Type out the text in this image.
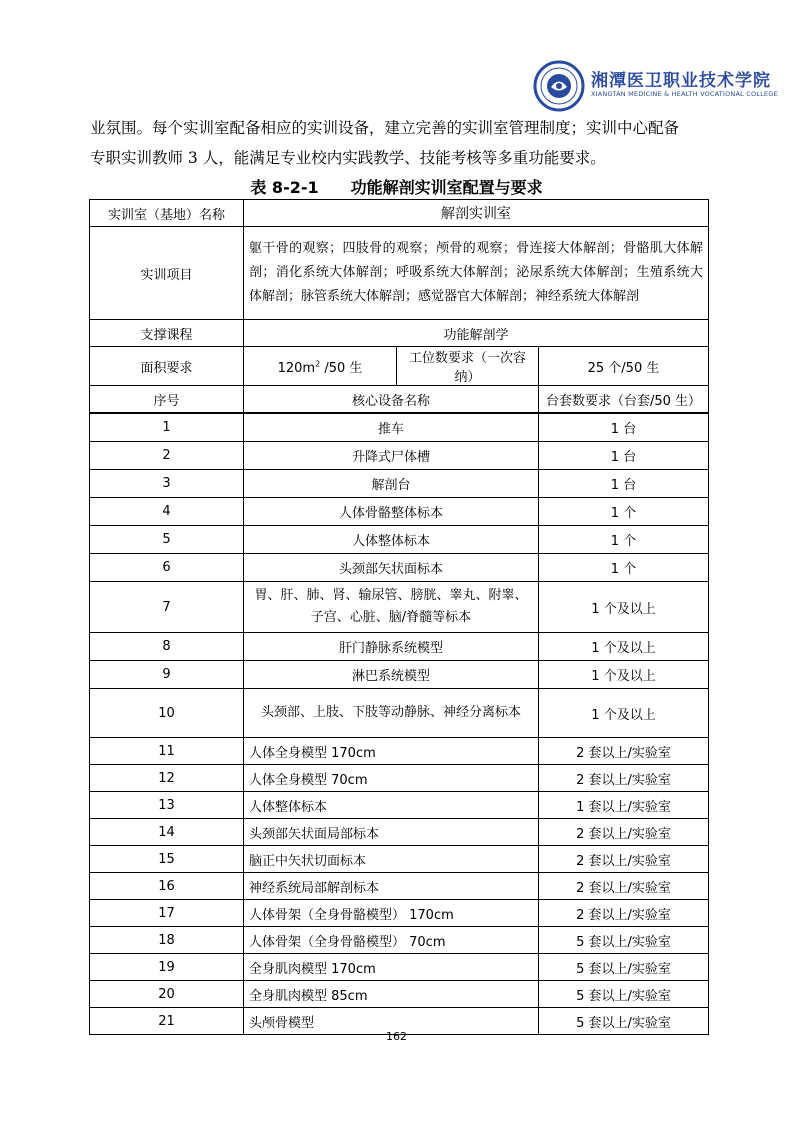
湘潭医卫职业技术学院
XIANGTAN MEDICINE & HEALTH VOCATIONAL COLLEGE
业氛围。每个实训室配备相应的实训设备，建立完善的实训室管理制度；实训中心配备
专职实训教师 3 人，能满足专业校内实践教学、技能考核等多重功能要求。
表 8-2-1　　功能解剖实训室配置与要求
实训室（基地）名称	解剖实训室		
实训项目	躯干骨的观察；四肢骨的观察；颅骨的观察；骨连接大体解剖；骨骼肌大体解剖；消化系统大体解剖；呼吸系统大体解剖；泌尿系统大体解剖；生殖系统大体解剖；脉管系统大体解剖；感觉器官大体解剖；神经系统大体解剖		
支撑课程	功能解剖学		
面积要求	$120m^2$ /50 生	工位数要求（一次容纳）	25 个/50 生
序号	核心设备名称		台套数要求（台套/50 生）
1	推车		1 台
2	升降式尸体槽		1 台
3	解剖台		1 台
4	人体骨骼整体标本		1 个
5	人体整体标本		1 个
6	头颈部矢状面标本		1 个
7	胃、肝、肺、肾、输尿管、膀胱、睾丸、附睾、子宫、心脏、脑/脊髓等标本		1 个及以上
8	肝门静脉系统模型		1 个及以上
9	淋巴系统模型		1 个及以上
10	头颈部、上肢、下肢等动静脉、神经分离标本		1 个及以上
11	人体全身模型 170cm		2 套以上/实验室
12	人体全身模型 70cm		2 套以上/实验室
13	人体整体标本		1 套以上/实验室
14	头颈部矢状面局部标本		2 套以上/实验室
15	脑正中矢状切面标本		2 套以上/实验室
16	神经系统局部解剖标本		2 套以上/实验室
17	人体骨架（全身骨骼模型） 170cm		2 套以上/实验室
18	人体骨架（全身骨骼模型） 70cm		5 套以上/实验室
19	全身肌肉模型 170cm		5 套以上/实验室
20	全身肌肉模型 85cm		5 套以上/实验室
21	头颅骨模型		5 套以上/实验室
162
